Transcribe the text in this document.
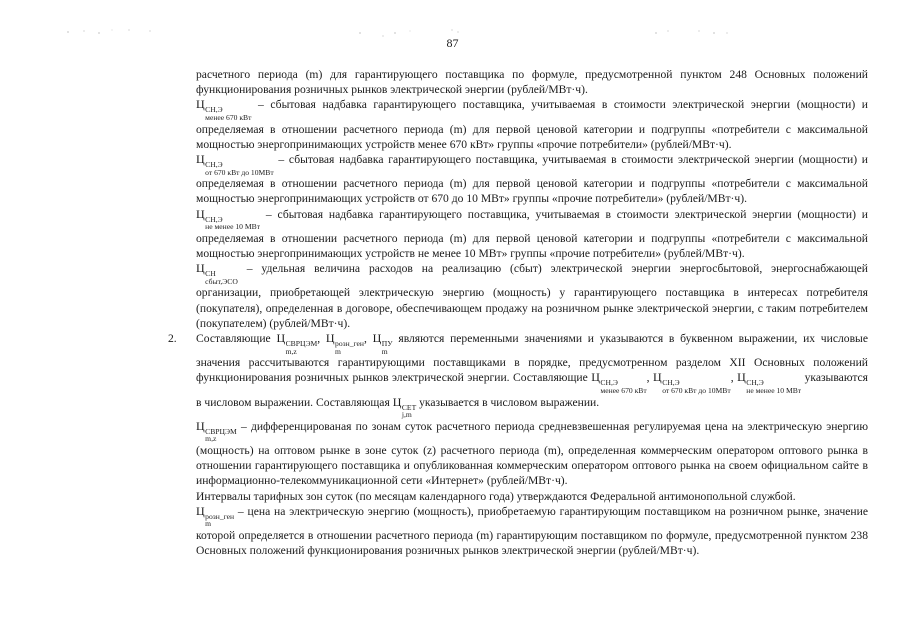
87

расчетного периода (m) для гарантирующего поставщика по формуле, предусмотренной пунктом 248 Основных положений функционирования розничных рынков электрической энергии (рублей/МВт·ч).

Ц СН,Э
менее 670 кВт
– сбытовая надбавка гарантирующего поставщика, учитываемая в стоимости электрической энергии (мощности) и определяемая в отношении расчетного периода (m) для первой ценовой категории и подгруппы «потребители с максимальной мощностью энергопринимающих устройств менее 670 кВт» группы «прочие потребители» (рублей/МВт·ч).

Ц СН,Э
от 670 кВт до 10МВт
– сбытовая надбавка гарантирующего поставщика, учитываемая в стоимости электрической энергии (мощности) и определяемая в отношении расчетного периода (m) для первой ценовой категории и подгруппы «потребители с максимальной мощностью энергопринимающих устройств от 670 до 10 МВт» группы «прочие потребители» (рублей/МВт·ч).

Ц СН,Э
не менее 10 МВт
– сбытовая надбавка гарантирующего поставщика, учитываемая в стоимости электрической энергии (мощности) и определяемая в отношении расчетного периода (m) для первой ценовой категории и подгруппы «потребители с максимальной мощностью энергопринимающих устройств не менее 10 МВт» группы «прочие потребители» (рублей/МВт·ч).

Ц СН
сбыт,ЭСО
– удельная величина расходов на реализацию (сбыт) электрической энергии энергосбытовой, энергоснабжающей организации, приобретающей электрическую энергию (мощность) у гарантирующего поставщика в интересах потребителя (покупателя), определенная в договоре, обеспечивающем продажу на розничном рынке электрической энергии, с таким потребителем (покупателем) (рублей/МВт·ч).

2. Составляющие Ц СВРЦЭМ
m,z
, Ц розн_ген
m
, Ц ПУ
m
являются переменными значениями и указываются в буквенном выражении, их числовые значения рассчитываются гарантирующими поставщиками в порядке, предусмотренном разделом XII Основных положений функционирования розничных рынков электрической энергии. Составляющие Ц СН,Э
менее 670 кВт
, Ц СН,Э
от 670 кВт до 10МВт
, Ц СН,Э
не менее 10 МВт
указываются в числовом выражении. Составляющая Ц СЕТ
j,m
указывается в числовом выражении.

Ц СВРЦЭМ
m,z
– дифференцированая по зонам суток расчетного периода средневзвешенная регулируемая цена на электрическую энергию (мощность) на оптовом рынке в зоне суток (z) расчетного периода (m), определенная коммерческим оператором оптового рынка в отношении гарантирующего поставщика и опубликованная коммерческим оператором оптового рынка на своем официальном сайте в информационно-телекоммуникационной сети «Интернет» (рублей/МВт·ч).

Интервалы тарифных зон суток (по месяцам календарного года) утверждаются Федеральной антимонопольной службой.

Ц розн_ген
m
– цена на электрическую энергию (мощность), приобретаемую гарантирующим поставщиком на розничном рынке, значение которой определяется в отношении расчетного периода (m) гарантирующим поставщиком по формуле, предусмотренной пунктом 238 Основных положений функционирования розничных рынков электрической энергии (рублей/МВт·ч).
